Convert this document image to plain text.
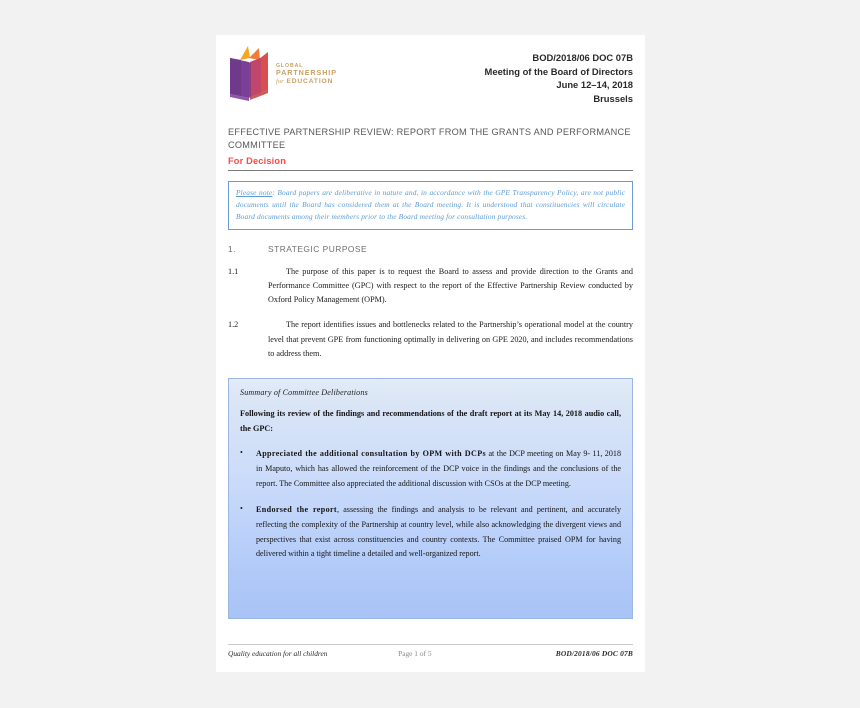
GLOBAL
PARTNERSHIP
for EDUCATION
BOD/2018/06 DOC 07B
Meeting of the Board of Directors
June 12–14, 2018
Brussels
EFFECTIVE PARTNERSHIP REVIEW: REPORT FROM THE GRANTS AND PERFORMANCE COMMITTEE
For Decision
Please note: Board papers are deliberative in nature and, in accordance with the GPE Transparency Policy, are not public documents until the Board has considered them at the Board meeting. It is understood that constituencies will circulate Board documents among their members prior to the Board meeting for consultation purposes.
1.	STRATEGIC PURPOSE
1.1	The purpose of this paper is to request the Board to assess and provide direction to the Grants and Performance Committee (GPC) with respect to the report of the Effective Partnership Review conducted by Oxford Policy Management (OPM).
1.2	The report identifies issues and bottlenecks related to the Partnership’s operational model at the country level that prevent GPE from functioning optimally in delivering on GPE 2020, and includes recommendations to address them.
Summary of Committee Deliberations
Following its review of the findings and recommendations of the draft report at its May 14, 2018 audio call, the GPC:
•	Appreciated the additional consultation by OPM with DCPs at the DCP meeting on May 9- 11, 2018 in Maputo, which has allowed the reinforcement of the DCP voice in the findings and the conclusions of the report. The Committee also appreciated the additional discussion with CSOs at the DCP meeting.
•	Endorsed the report, assessing the findings and analysis to be relevant and pertinent, and accurately reflecting the complexity of the Partnership at country level, while also acknowledging the divergent views and perspectives that exist across constituencies and country contexts. The Committee praised OPM for having delivered within a tight timeline a detailed and well-organized report.
Quality education for all children	Page 1 of 5	BOD/2018/06 DOC 07B
